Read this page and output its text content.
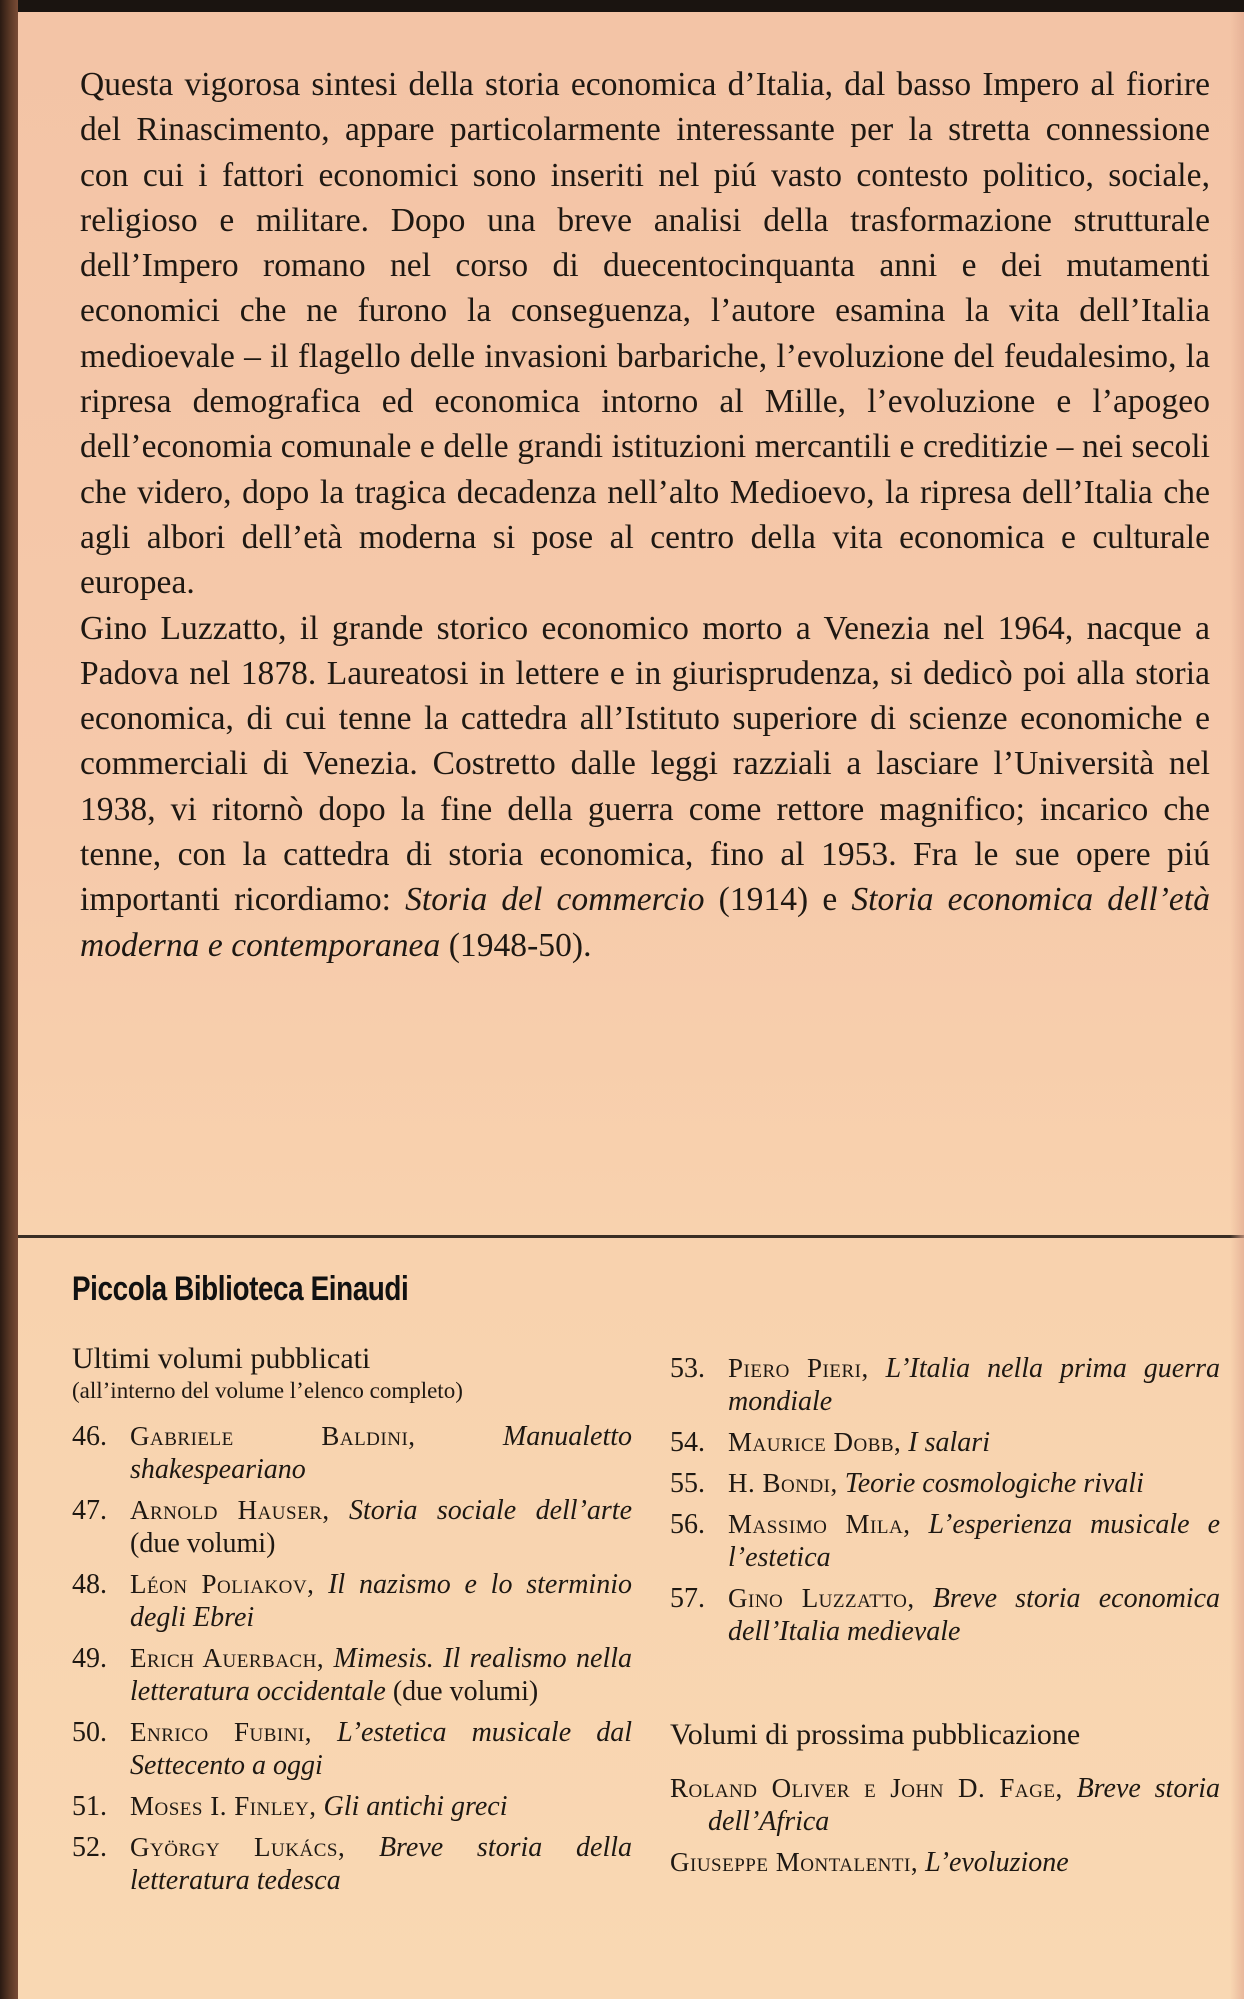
Questa vigorosa sintesi della storia economica d’Italia, dal basso Impero al fiorire del Rinascimento, appare particolarmente interessante per la stretta connessione con cui i fattori economici sono inseriti nel piú vasto contesto politico, sociale, religioso e militare. Dopo una breve analisi della trasformazione strutturale dell’Impero romano nel corso di duecentocinquanta anni e dei mutamenti economici che ne furono la conseguenza, l’autore esamina la vita dell’Italia medioevale – il flagello delle invasioni barbariche, l’evoluzione del feudalesimo, la ripresa demografica ed economica intorno al Mille, l’evoluzione e l’apogeo dell’economia comunale e delle grandi istituzioni mercantili e creditizie – nei secoli che videro, dopo la tragica decadenza nell’alto Medioevo, la ripresa dell’Italia che agli albori dell’età moderna si pose al centro della vita economica e culturale europea.

Gino Luzzatto, il grande storico economico morto a Venezia nel 1964, nacque a Padova nel 1878. Laureatosi in lettere e in giurisprudenza, si dedicò poi alla storia economica, di cui tenne la cattedra all’Istituto superiore di scienze economiche e commerciali di Venezia. Costretto dalle leggi razziali a lasciare l’Università nel 1938, vi ritornò dopo la fine della guerra come rettore magnifico; incarico che tenne, con la cattedra di storia economica, fino al 1953. Fra le sue opere piú importanti ricordiamo: Storia del commercio (1914) e Storia economica dell’età moderna e contemporanea (1948-50).

Piccola Biblioteca Einaudi
Ultimi volumi pubblicati
(all’interno del volume l’elenco completo)
46. Gabriele Baldini,	Manualetto shakespeariano
47. Arnold Hauser, Storia sociale dell’arte (due volumi)
48. Léon Poliakov, Il nazismo e lo sterminio degli Ebrei
49. Erich Auerbach, Mimesis. Il realismo nella letteratura occidentale (due volumi)
50. Enrico Fubini, L’estetica musicale dal Settecento a oggi
51. Moses I. Finley, Gli antichi greci
52. György Lukács, Breve storia della letteratura tedesca
53. Piero Pieri, L’Italia nella prima guerra mondiale
54. Maurice Dobb, I salari
55. H. Bondi, Teorie cosmologiche rivali
56. Massimo Mila, L’esperienza musicale e l’estetica
57. Gino Luzzatto, Breve storia economica dell’Italia medievale
Volumi di prossima pubblicazione
Roland Oliver e John D. Fage, Breve storia dell’Africa
Giuseppe Montalenti, L’evoluzione
